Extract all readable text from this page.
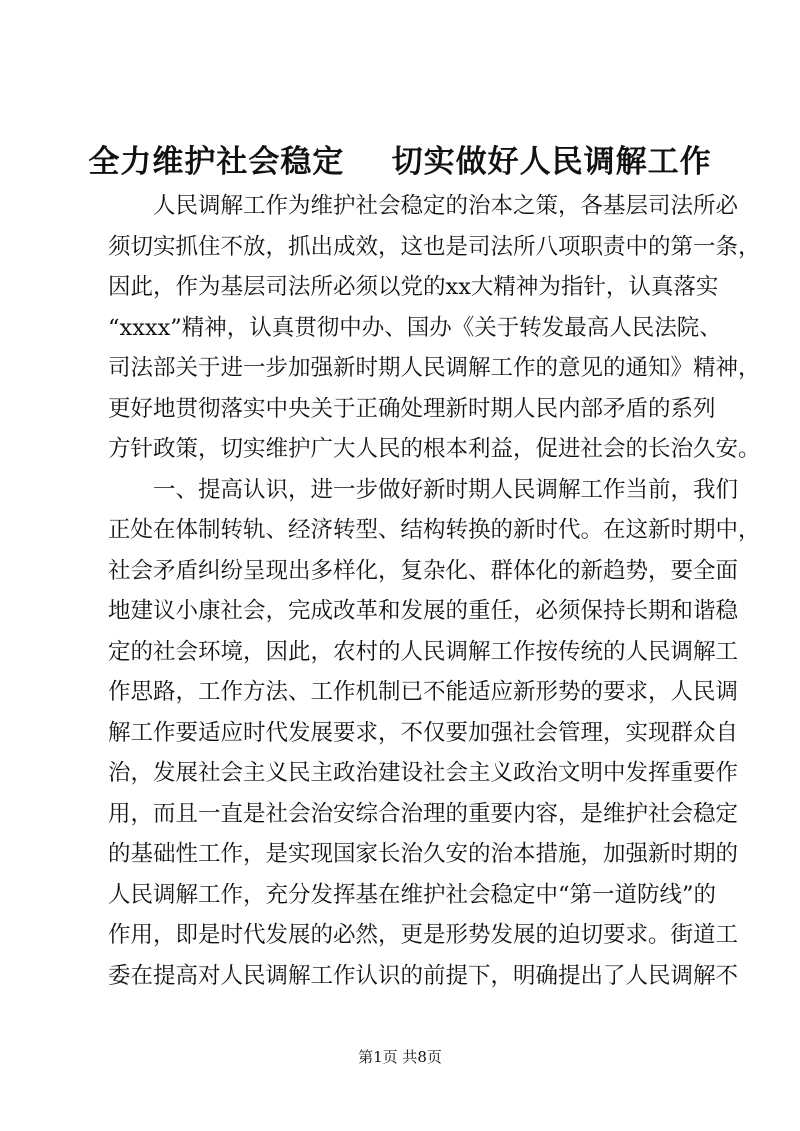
全力维护社会稳定    切实做好人民调解工作
人民调解工作为维护社会稳定的治本之策，各基层司法所必
须切实抓住不放，抓出成效，这也是司法所八项职责中的第一条，
因此，作为基层司法所必须以党的xx大精神为指针，认真落实
“xxxx”精神，认真贯彻中办、国办《关于转发最高人民法院、
司法部关于进一步加强新时期人民调解工作的意见的通知》精神，
更好地贯彻落实中央关于正确处理新时期人民内部矛盾的系列
方针政策，切实维护广大人民的根本利益，促进社会的长治久安。
一、提高认识，进一步做好新时期人民调解工作当前，我们
正处在体制转轨、经济转型、结构转换的新时代。在这新时期中，
社会矛盾纠纷呈现出多样化，复杂化、群体化的新趋势，要全面
地建议小康社会，完成改革和发展的重任，必须保持长期和谐稳
定的社会环境，因此，农村的人民调解工作按传统的人民调解工
作思路，工作方法、工作机制已不能适应新形势的要求，人民调
解工作要适应时代发展要求，不仅要加强社会管理，实现群众自
治，发展社会主义民主政治建设社会主义政治文明中发挥重要作
用，而且一直是社会治安综合治理的重要内容，是维护社会稳定
的基础性工作，是实现国家长治久安的治本措施，加强新时期的
人民调解工作，充分发挥基在维护社会稳定中“第一道防线”的
作用，即是时代发展的必然，更是形势发展的迫切要求。街道工
委在提高对人民调解工作认识的前提下，明确提出了人民调解不
第1页 共8页
